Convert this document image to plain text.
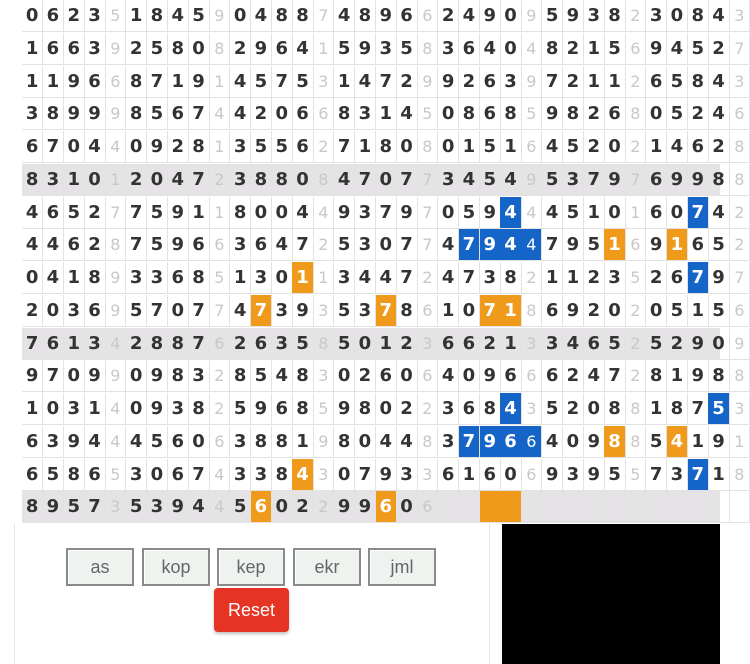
0 6 2 3 5 1 8 4 5 9 0 4 8 8 7 4 8 9 6 6 2 4 9 0 9 5 9 3 8 2 3 0 8 4 3
1 6 6 3 9 2 5 8 0 8 2 9 6 4 1 5 9 3 5 8 3 6 4 0 4 8 2 1 5 6 9 4 5 2 7
1 1 9 6 6 8 7 1 9 1 4 5 7 5 3 1 4 7 2 9 9 2 6 3 9 7 2 1 1 2 6 5 8 4 3
3 8 9 9 9 8 5 6 7 4 4 2 0 6 6 8 3 1 4 5 0 8 6 8 5 9 8 2 6 8 0 5 2 4 6
6 7 0 4 4 0 9 2 8 1 3 5 5 6 2 7 1 8 0 8 0 1 5 1 6 4 5 2 0 2 1 4 6 2 8
8 3 1 0 1 2 0 4 7 2 3 8 8 0 8 4 7 0 7 7 3 4 5 4 9 5 3 7 9 7 6 9 9 8 8
4 6 5 2 7 7 5 9 1 1 8 0 0 4 4 9 3 7 9 7 0 5 9 4 4 4 5 1 0 1 6 0 7 4 2
4 4 6 2 8 7 5 9 6 6 3 6 4 7 2 5 3 0 7 7 4 7 9 4 4 7 9 5 1 6 9 1 6 5 2
0 4 1 8 9 3 3 6 8 5 1 3 0 1 1 3 4 4 7 2 4 7 3 8 2 1 1 2 3 5 2 6 7 9 7
2 0 3 6 9 5 7 0 7 7 4 7 3 9 3 5 3 7 8 6 1 0 7 1 8 6 9 2 0 2 0 5 1 5 6
7 6 1 3 4 2 8 8 7 6 2 6 3 5 8 5 0 1 2 3 6 6 2 1 3 3 4 6 5 2 5 2 9 0 9
9 7 0 9 9 0 9 8 3 2 8 5 4 8 3 0 2 6 0 6 4 0 9 6 6 6 2 4 7 2 8 1 9 8 8
1 0 3 1 4 0 9 3 8 2 5 9 6 8 5 9 8 0 2 2 3 6 8 4 3 5 2 0 8 8 1 8 7 5 3
6 3 9 4 4 4 5 6 0 6 3 8 8 1 9 8 0 4 4 8 3 7 9 6 6 4 0 9 8 8 5 4 1 9 1
6 5 8 6 5 3 0 6 7 4 3 3 8 4 3 0 7 9 3 3 6 1 6 0 6 9 3 9 5 5 7 3 7 1 8
8 9 5 7 3 5 3 9 4 4 5 6 0 2 2 9 9 6 0 6
as	kop	kep	ekr	jml
Reset
